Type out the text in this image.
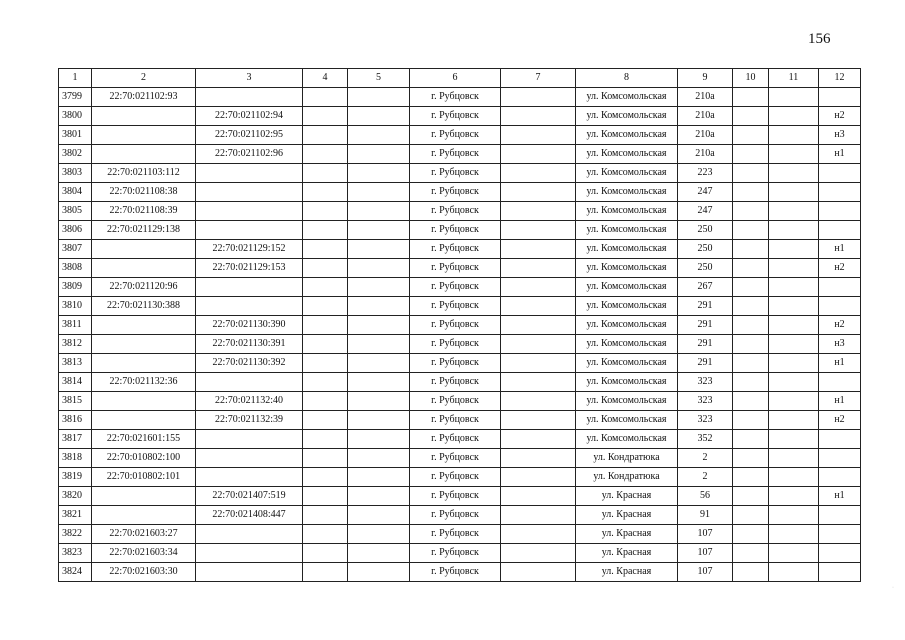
156
1	2	3	4	5	6	7	8	9	10	11	12
3799	22:70:021102:93				г. Рубцовск		ул. Комсомольская	210а			
3800		22:70:021102:94			г. Рубцовск		ул. Комсомольская	210а			н2
3801		22:70:021102:95			г. Рубцовск		ул. Комсомольская	210а			н3
3802		22:70:021102:96			г. Рубцовск		ул. Комсомольская	210а			н1
3803	22:70:021103:112				г. Рубцовск		ул. Комсомольская	223			
3804	22:70:021108:38				г. Рубцовск		ул. Комсомольская	247			
3805	22:70:021108:39				г. Рубцовск		ул. Комсомольская	247			
3806	22:70:021129:138				г. Рубцовск		ул. Комсомольская	250			
3807		22:70:021129:152			г. Рубцовск		ул. Комсомольская	250			н1
3808		22:70:021129:153			г. Рубцовск		ул. Комсомольская	250			н2
3809	22:70:021120:96				г. Рубцовск		ул. Комсомольская	267			
3810	22:70:021130:388				г. Рубцовск		ул. Комсомольская	291			
3811		22:70:021130:390			г. Рубцовск		ул. Комсомольская	291			н2
3812		22:70:021130:391			г. Рубцовск		ул. Комсомольская	291			н3
3813		22:70:021130:392			г. Рубцовск		ул. Комсомольская	291			н1
3814	22:70:021132:36				г. Рубцовск		ул. Комсомольская	323			
3815		22:70:021132:40			г. Рубцовск		ул. Комсомольская	323			н1
3816		22:70:021132:39			г. Рубцовск		ул. Комсомольская	323			н2
3817	22:70:021601:155				г. Рубцовск		ул. Комсомольская	352			
3818	22:70:010802:100				г. Рубцовск		ул. Кондратюка	2			
3819	22:70:010802:101				г. Рубцовск		ул. Кондратюка	2			
3820		22:70:021407:519			г. Рубцовск		ул. Красная	56			н1
3821		22:70:021408:447			г. Рубцовск		ул. Красная	91			
3822	22:70:021603:27				г. Рубцовск		ул. Красная	107			
3823	22:70:021603:34				г. Рубцовск		ул. Красная	107			
3824	22:70:021603:30				г. Рубцовск		ул. Красная	107			
·
